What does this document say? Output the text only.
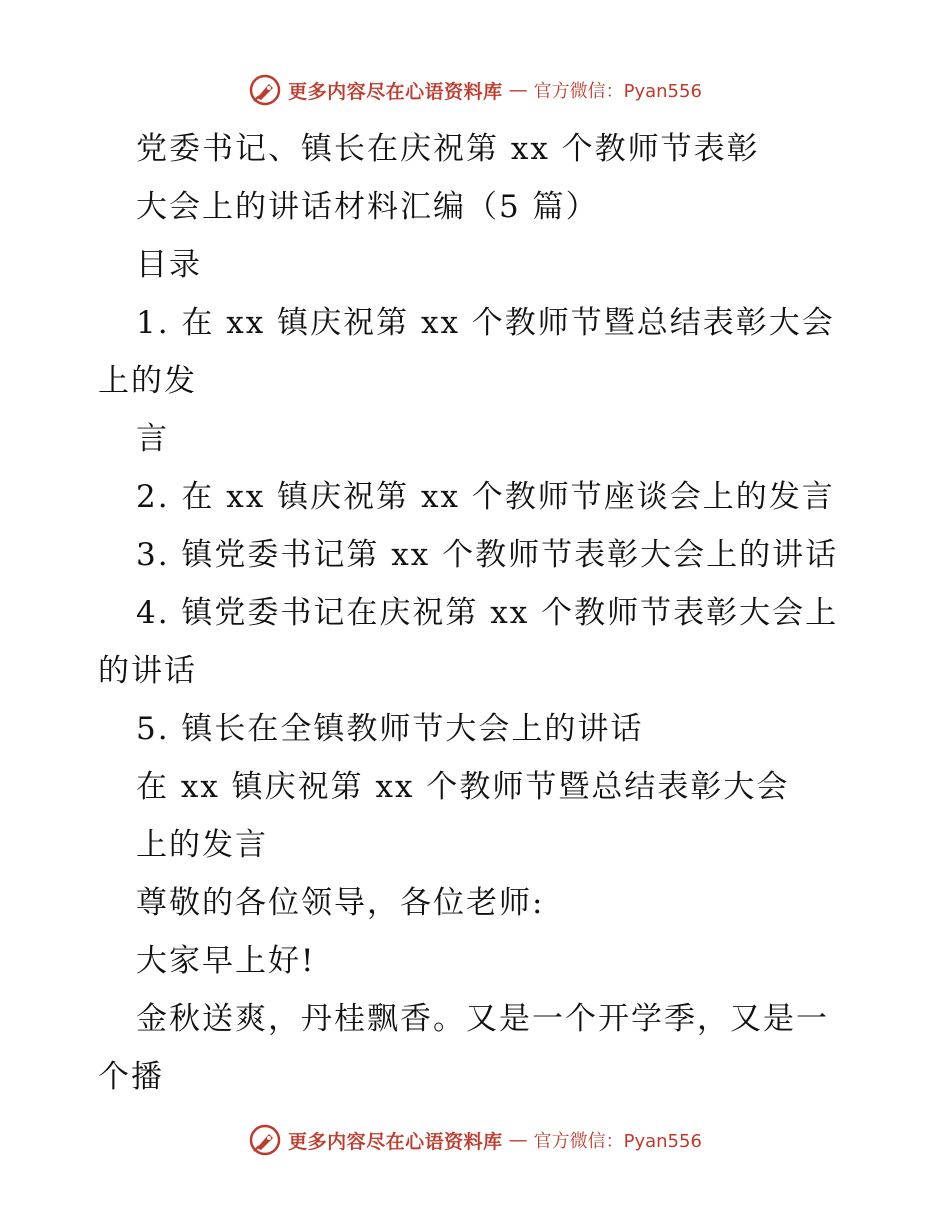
更多内容尽在心语资料库 — 官方微信：Pyan556
党委书记、镇长在庆祝第 xx 个教师节表彰
大会上的讲话材料汇编（5 篇）
目录
1. 在 xx 镇庆祝第 xx 个教师节暨总结表彰大会
上的发
言
2. 在 xx 镇庆祝第 xx 个教师节座谈会上的发言
3. 镇党委书记第 xx 个教师节表彰大会上的讲话
4. 镇党委书记在庆祝第 xx 个教师节表彰大会上
的讲话
5. 镇长在全镇教师节大会上的讲话
在 xx 镇庆祝第 xx 个教师节暨总结表彰大会
上的发言
尊敬的各位领导，各位老师:
大家早上好!
金秋送爽，丹桂飘香。又是一个开学季，又是一
个播
更多内容尽在心语资料库 — 官方微信：Pyan556
